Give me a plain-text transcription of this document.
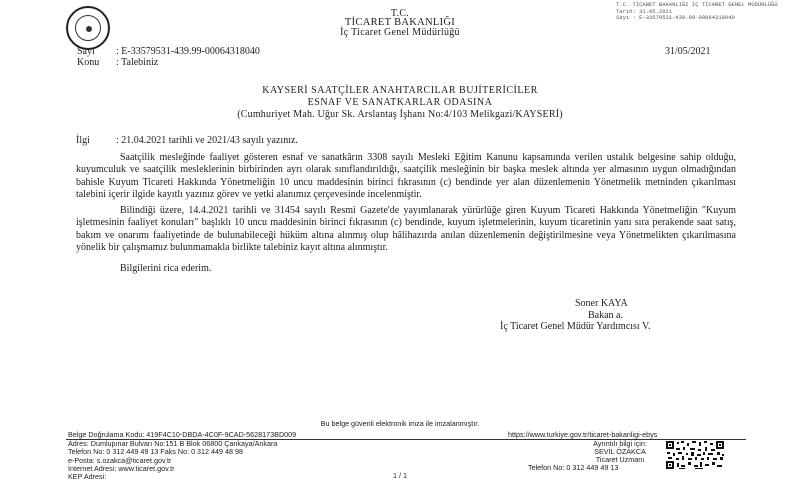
T.C.
TİCARET BAKANLIĞI
İç Ticaret Genel Müdürlüğü
T.C. TİCARET BAKANLIĞI İÇ TİCARET GENEL MÜDÜRLÜĞÜ
Tarih: 31.05.2021
Sayı : E-33579531-439.99-00064318040
Sayı : E-33579531-439.99-00064318040	31/05/2021
Konu : Talebiniz
KAYSERİ SAATÇİLER ANAHTARCILAR BUJİTERİCİLER
ESNAF VE SANATKARLAR ODASINA
(Cumhuriyet Mah. Uğur Sk. Arslantaş İşhanı No:4/103 Melikgazi/KAYSERİ)
İlgi	: 21.04.2021 tarihli ve 2021/43 sayılı yazınız.
Saatçilik mesleğinde faaliyet gösteren esnaf ve sanatkârın 3308 sayılı Mesleki Eğitim Kanunu kapsamında verilen ustalık belgesine sahip olduğu, kuyumculuk ve saatçilik mesleklerinin birbirinden ayrı olarak sınıflandırıldığı, saatçilik mesleğinin bir başka meslek altında yer almasının uygun olmadığından bahisle Kuyum Ticareti Hakkında Yönetmeliğin 10 uncu maddesinin birinci fıkrasının (c) bendinde yer alan düzenlemenin Yönetmelik metninden çıkarılması talebini içerir ilgide kayıtlı yazınız görev ve yetki alanımız çerçevesinde incelenmiştir.
Bilindiği üzere, 14.4.2021 tarihli ve 31454 sayılı Resmi Gazete'de yayımlanarak yürürlüğe giren Kuyum Ticareti Hakkında Yönetmeliğin "Kuyum işletmesinin faaliyet konuları" başlıklı 10 uncu maddesinin birinci fıkrasının (c) bendinde, kuyum işletmelerinin, kuyum ticaretinin yanı sıra perakende saat satış, bakım ve onarımı faaliyetinde de bulunabileceği hüküm altına alınmış olup hâlihazırda anılan düzenlemenin değiştirilmesine veya Yönetmelikten çıkarılmasına yönelik bir çalışmamız bulunmamakla birlikte talebiniz kayıt altına alınmıştır.
Bilgilerini rica ederim.
Soner KAYA
Bakan a.
İç Ticaret Genel Müdür Yardımcısı V.
Bu belge güvenli elektronik imza ile imzalanmıştır.
Belge Doğrulama Kodu: 419F4C10-DBDA-4C0F-9CAD-5628173BD009	https://www.turkiye.gov.tr/ticaret-bakanligi-ebys
Adres: Dumlupınar Bulvarı No:151 B Blok 06800 Çankaya/Ankara
Telefon No: 0 312 449 49 13 Faks No: 0 312 449 48 98
e-Posta: s.ozakca@ticaret.gov.tr
İnternet Adresi: www.ticaret.gov.tr
KEP Adresi:
Ayrıntılı bilgi için:
SEVİL ÖZAKCA
Ticaret Uzmanı
Telefon No: 0 312 449 49 13
1 / 1
